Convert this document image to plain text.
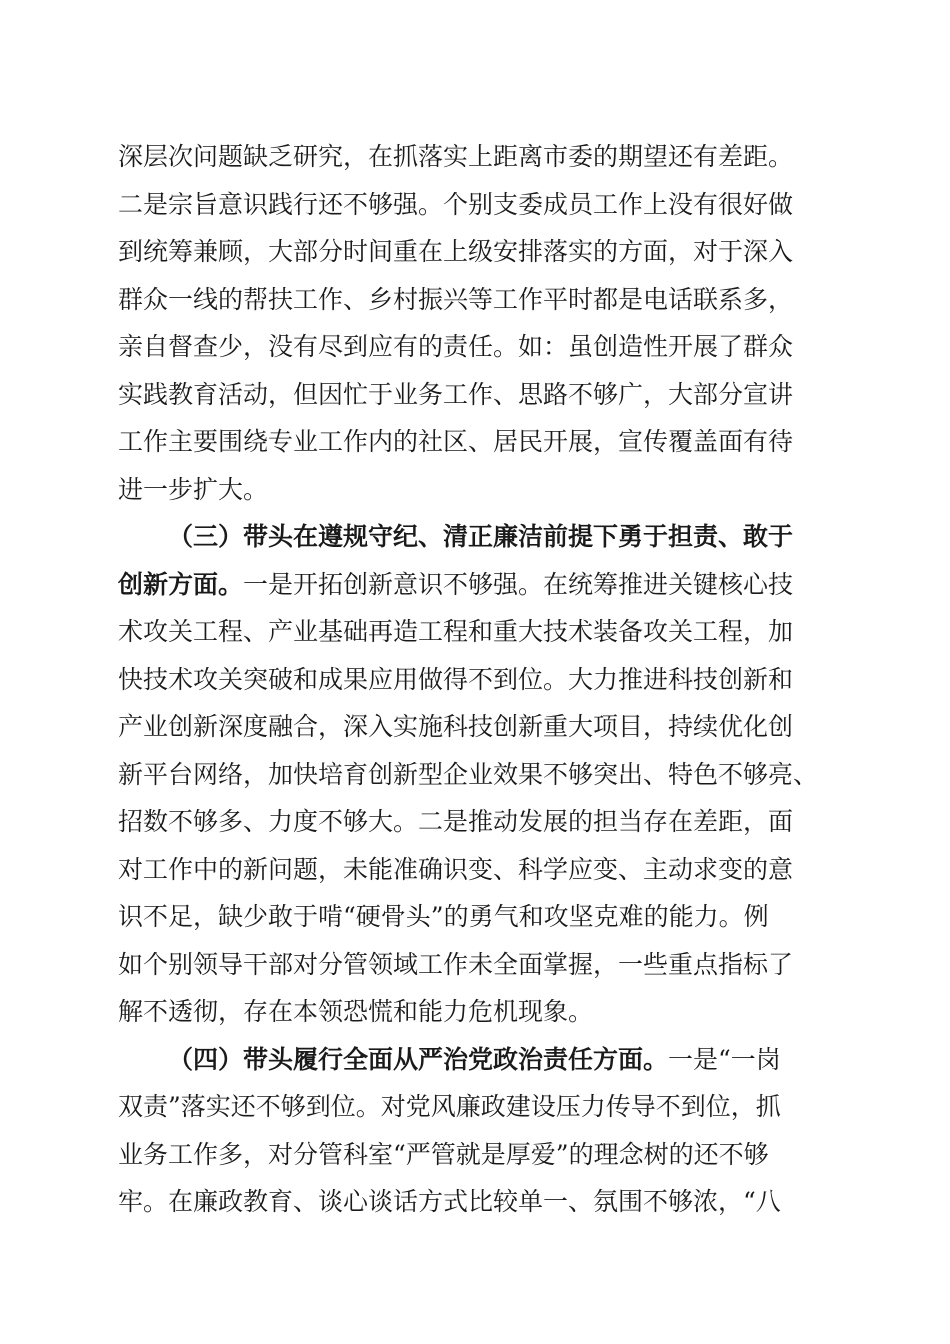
深层次问题缺乏研究，在抓落实上距离市委的期望还有差距。
二是宗旨意识践行还不够强。个别支委成员工作上没有很好做
到统筹兼顾，大部分时间重在上级安排落实的方面，对于深入
群众一线的帮扶工作、乡村振兴等工作平时都是电话联系多，
亲自督查少，没有尽到应有的责任。如：虽创造性开展了群众
实践教育活动，但因忙于业务工作、思路不够广，大部分宣讲
工作主要围绕专业工作内的社区、居民开展，宣传覆盖面有待
进一步扩大。
（三）带头在遵规守纪、清正廉洁前提下勇于担责、敢于
创新方面。一是开拓创新意识不够强。在统筹推进关键核心技
术攻关工程、产业基础再造工程和重大技术装备攻关工程，加
快技术攻关突破和成果应用做得不到位。大力推进科技创新和
产业创新深度融合，深入实施科技创新重大项目，持续优化创
新平台网络，加快培育创新型企业效果不够突出、特色不够亮、
招数不够多、力度不够大。二是推动发展的担当存在差距，面
对工作中的新问题，未能准确识变、科学应变、主动求变的意
识不足，缺少敢于啃“硬骨头”的勇气和攻坚克难的能力。例
如个别领导干部对分管领域工作未全面掌握，一些重点指标了
解不透彻，存在本领恐慌和能力危机现象。
（四）带头履行全面从严治党政治责任方面。一是“一岗
双责”落实还不够到位。对党风廉政建设压力传导不到位，抓
业务工作多，对分管科室“严管就是厚爱”的理念树的还不够
牢。在廉政教育、谈心谈话方式比较单一、氛围不够浓，“八
